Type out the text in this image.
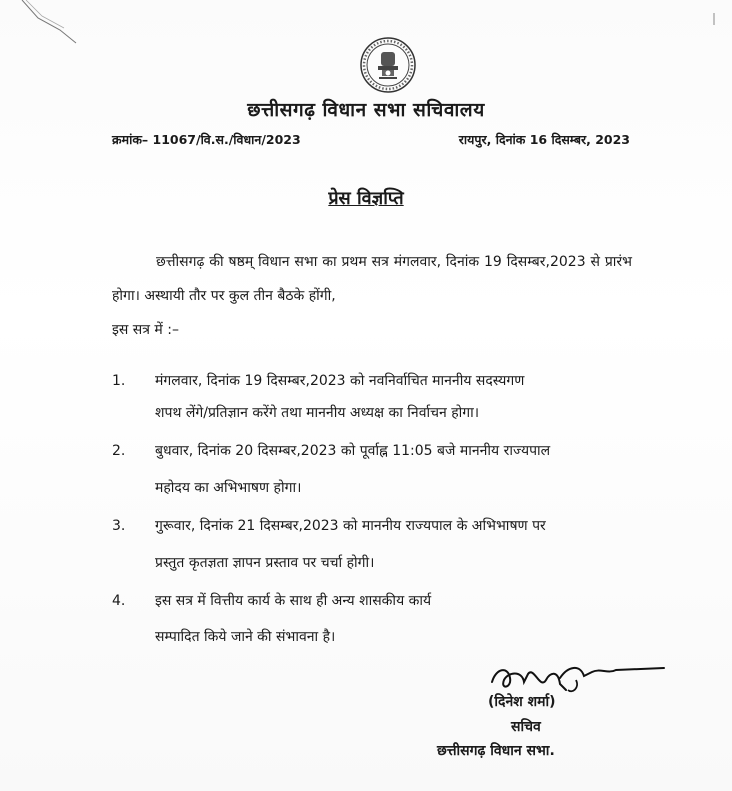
छत्तीसगढ़ विधान सभा सचिवालय
क्रमांक– 11067/वि.स./विधान/2023	रायपुर, दिनांक 16 दिसम्बर, 2023
प्रेस विज्ञप्ति
छत्तीसगढ़ की षष्ठम् विधान सभा का प्रथम सत्र मंगलवार, दिनांक 19 दिसम्बर,2023 से प्रारंभ होगा। अस्थायी तौर पर कुल तीन बैठके होंगी,
इस सत्र में :–
1. मंगलवार, दिनांक 19 दिसम्बर,2023 को नवनिर्वाचित माननीय सदस्यगण
शपथ लेंगे/प्रतिज्ञान करेंगे तथा माननीय अध्यक्ष का निर्वाचन होगा।
2. बुधवार, दिनांक 20 दिसम्बर,2023 को पूर्वाह्न 11:05 बजे माननीय राज्यपाल
महोदय का अभिभाषण होगा।
3. गुरूवार, दिनांक 21 दिसम्बर,2023 को माननीय राज्यपाल के अभिभाषण पर
प्रस्तुत कृतज्ञता ज्ञापन प्रस्ताव पर चर्चा होगी।
4. इस सत्र में वित्तीय कार्य के साथ ही अन्य शासकीय कार्य
सम्पादित किये जाने की संभावना है।
(दिनेश शर्मा)
सचिव
छत्तीसगढ़ विधान सभा.
